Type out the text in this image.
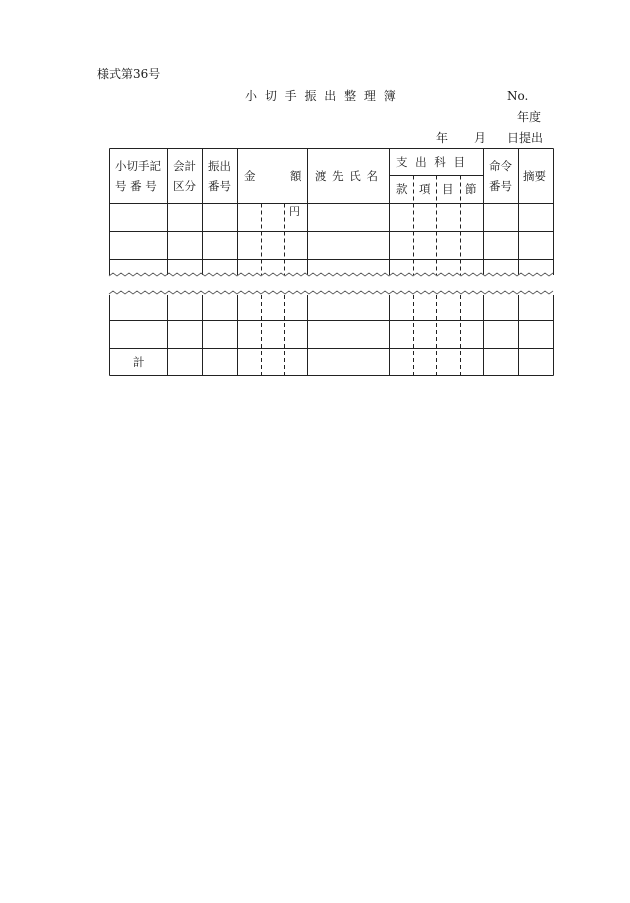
様式第36号
小 切 手 振 出 整 理 簿	No.
年度
年 月 日提出
小切手記
号 番 号
会計
区分
振出
番号
金	額 渡 先 氏 名
支 出 科 目
款 項 目 節
命令
番号
摘要
円
計
